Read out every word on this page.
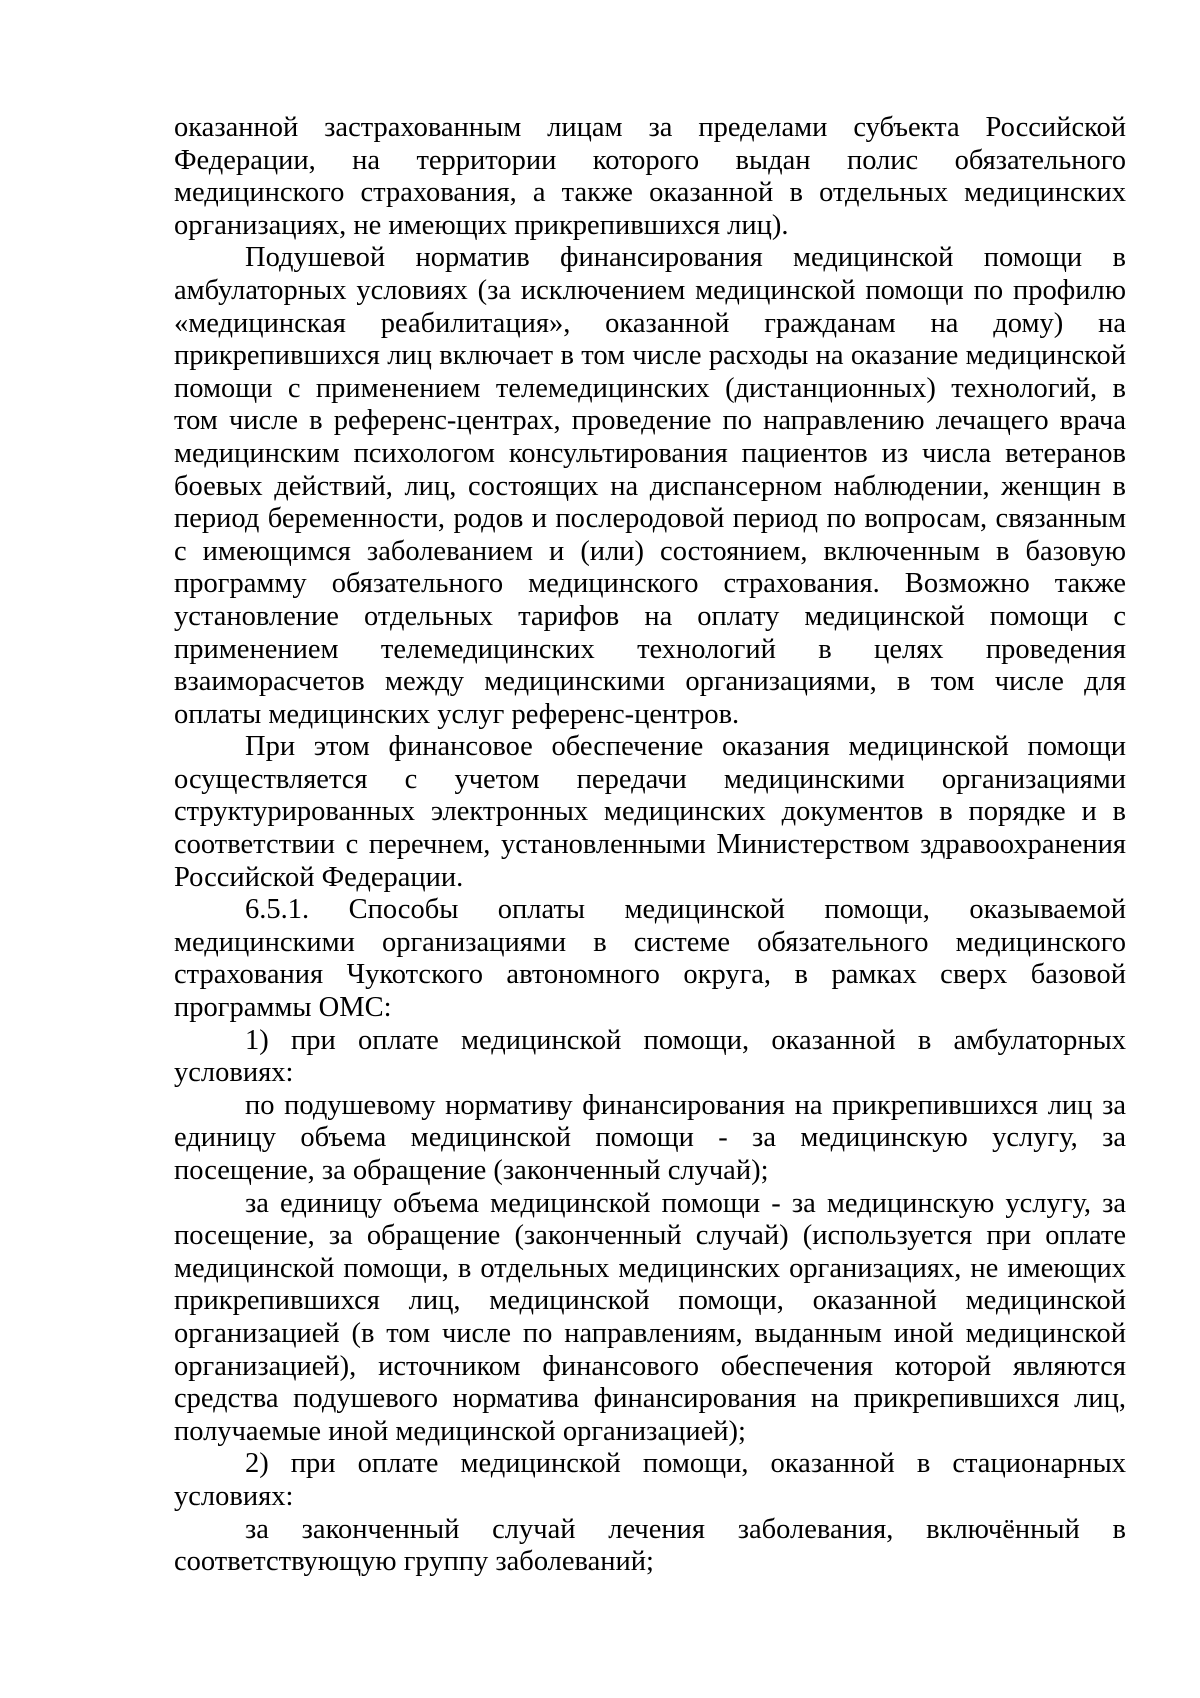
оказанной застрахованным лицам за пределами субъекта Российской Федерации, на территории которого выдан полис обязательного медицинского страхования, а также оказанной в отдельных медицинских организациях, не имеющих прикрепившихся лиц).

Подушевой норматив финансирования медицинской помощи в амбулаторных условиях (за исключением медицинской помощи по профилю «медицинская реабилитация», оказанной гражданам на дому) на прикрепившихся лиц включает в том числе расходы на оказание медицинской помощи с применением телемедицинских (дистанционных) технологий, в том числе в референс-центрах, проведение по направлению лечащего врача медицинским психологом консультирования пациентов из числа ветеранов боевых действий, лиц, состоящих на диспансерном наблюдении, женщин в период беременности, родов и послеродовой период по вопросам, связанным с имеющимся заболеванием и (или) состоянием, включенным в базовую программу обязательного медицинского страхования. Возможно также установление отдельных тарифов на оплату медицинской помощи с применением телемедицинских технологий в целях проведения взаиморасчетов между медицинскими организациями, в том числе для оплаты медицинских услуг референс-центров.

При этом финансовое обеспечение оказания медицинской помощи осуществляется с учетом передачи медицинскими организациями структурированных электронных медицинских документов в порядке и в соответствии с перечнем, установленными Министерством здравоохранения Российской Федерации.

6.5.1. Способы оплаты медицинской помощи, оказываемой медицинскими организациями в системе обязательного медицинского страхования Чукотского автономного округа, в рамках сверх базовой программы ОМС:

1) при оплате медицинской помощи, оказанной в амбулаторных условиях:

по подушевому нормативу финансирования на прикрепившихся лиц за единицу объема медицинской помощи - за медицинскую услугу, за посещение, за обращение (законченный случай);

за единицу объема медицинской помощи - за медицинскую услугу, за посещение, за обращение (законченный случай) (используется при оплате медицинской помощи, в отдельных медицинских организациях, не имеющих прикрепившихся лиц, медицинской помощи, оказанной медицинской организацией (в том числе по направлениям, выданным иной медицинской организацией), источником финансового обеспечения которой являются средства подушевого норматива финансирования на прикрепившихся лиц, получаемые иной медицинской организацией);

2) при оплате медицинской помощи, оказанной в стационарных условиях:

за законченный случай лечения заболевания, включённый в соответствующую группу заболеваний;
